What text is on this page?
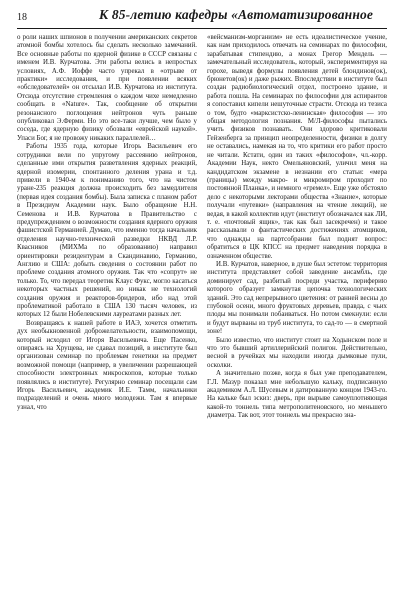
18	К 85-летию кафедры «Автоматизированное

о роли наших шпионов в получении американских секретов атомной бомбы хотелось бы сделать несколько замечаний. Все основные работы по ядерной физике в СССР связаны с именем И.В. Курчатова. Эти работы велись в непростых условиях, А.Ф. Иоффе часто упрекал в «отрыве от практики» исследования, и при появлении всяких «обследователей» он отсылал И.В. Курчатова из института. Отсюда отсутствие стремления о каждом чихе немедленно сообщать в «Nature». Так, сообщение об открытии резонансного поглощения нейтронов чуть раньше опубликовал Э.Ферми. Но это все-таки лучше, чем было у соседа, где ядерную физику обозвали «еврейской наукой». Упаси Бог, я не провожу никаких параллелей…

Работы 1935 года, которые Игорь Васильевич его сотрудники вели по упругому рассеянию нейтронов, сделанные ими открытия разветвления ядерных реакций, ядерной изомерии, спонтанного деления урана и т.д. привели в 1940-м к пониманию того, что на чистом уране-235 реакция должна происходить без замедлителя (первая идея создания бомбы). Была записка с планом работ в Президиум Академии наук. Было обращение Н.Н. Семенова и И.В. Курчатова в Правительство с предупреждением о возможности создания ядерного оружия фашистской Германией. Думаю, что именно тогда начальник отделения научно-технической разведки НКВД Л.Р. Квасников (МИХМа по образованию) направил ориентировки резидентурам в Скандинавию, Германию, Англию и США: добыть сведения о состоянии работ по проблеме создания атомного оружия. Так что «сопрут» не только. То, что передал теоретик Клаус Фукс, могло касаться некоторых частных решений, но никак не технологий создания оружия и реакторов-бридеров, ибо над этой проблематикой работало в США 130 тысяч человек, из которых 12 были Нобелевскими лауреатами разных лет.

Возвращаясь к нашей работе в ИАЭ, хочется отметить дух необыкновенной доброжелательности, взаимопомощи, который исходил от Игоря Васильевича. Еще Пасенко, опираясь на Хрущева, не сдавал позиций, в институте был организован семинар по проблемам генетики на предмет возможной помощи (например, в увеличении разрешающей способности электронных микроскопов, которые только появлялись в институте). Регулярно семинар посещали сам Игорь Васильевич, академик И.Е. Тамм, начальники подразделений и очень много молодежи. Там я впервые узнал, что

«вейсманизм-морганизм» не есть идеалистическое учение, как нам приходилось отвечать на семинарах по философии, зарабатывая стипендию, а монах Грегор Мендель — замечательный исследователь, который, экспериментируя на горохе, выведя формулы появления детей блондинов(ок), брюнетов(ок) и даже рыжих. Впоследствии в институте был создан радиобиологический отдел, построено здание, и работа пошла. На семинарах по философии для аспирантов я сопоставил кипели нешуточные страсти. Отсюда из тезиса о том, будто «марксистско-ленинская» философия — это общая методология познания. М/Л-философы пытались учить физиков познавать. Они здорово критиковали Гейзенберга за принцип неопределенности, физики в долгу не оставались, намекая на то, что критики его работ просто не читали. Кстати, один из таких «философов», чл.-корр. Академии Наук, некто Омельяновский, уличил меня на кандидатском экзамене в незнании его статьи: «мера (границы) между макро- и микромиром проходит по постоянной Планка», и немного «гремел». Еще уже обстояло дело с некоторыми лекторами общества «Знание», которые получали «путевки» (направления на чтение лекций), не ведая, в какой коллектив идут (институт обозначался как ЛИ, т. е. «почтовый ящик», так как был засекречен) и такое рассказывали о фантастических достижениях атомщиков, что однажды на партсобрании был поднят вопрос: обратиться в ЦК КПСС на предмет наведения порядка в означенном обществе.

И.В. Курчатов, наверное, в душе был эстетом: территория института представляет собой заведение ансамбль, где доминирует сад, разбитый посреди участка, периферию которого образует замкнутая цепочка технологических зданий. Это сад непрерывного цветения: от ранней весны до глубокой осени, много фруктовых деревьев, правда, с чьих плоды мы понимали побаиваться. Но потом смекнули: если и будут вырваны из труб института, то сад-то — в смертной зоне!

Было известно, что институт стоит на Ходынском поле и что это бывший артиллерийский полигон. Действительно, весной в ручейках мы находили иногда дымковые пули, осколки.

А значительно позже, когда я был уже преподавателем, Г.Л. Мазур показал мне небольшую кальку, подписанную академиком А.Л. Шусевым и датированную концом 1943-го. На кальке был эскиз: дверь, при вырыве самоуплотняющая какой-то тоннель типа метрополитеновского, но меньшего диаметра. Так вот, этот тоннель мы прекрасно зна-
